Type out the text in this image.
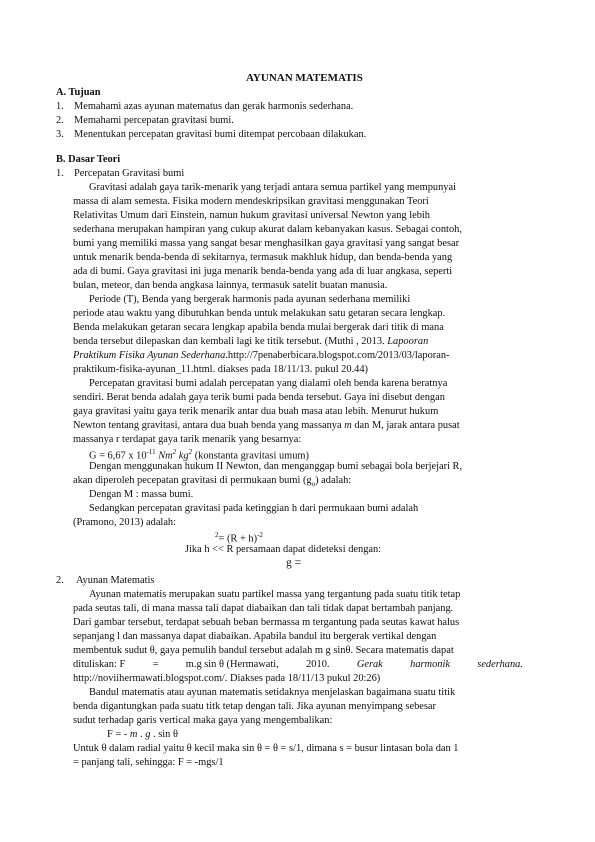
AYUNAN MATEMATIS
A. Tujuan
1. Memahami azas ayunan matematus dan gerak harmonis sederhana.
2. Memahami percepatan gravitasi bumi.
3. Menentukan percepatan gravitasi bumi ditempat percobaan dilakukan.
B. Dasar Teori
1. Percepatan Gravitasi bumi
Gravitasi adalah gaya tarik-menarik yang terjadi antara semua partikel yang mempunyai
massa di alam semesta. Fisika modern mendeskripsikan gravitasi menggunakan Teori
Relativitas Umum dari Einstein, namun hukum gravitasi universal Newton yang lebih
sederhana merupakan hampiran yang cukup akurat dalam kebanyakan kasus. Sebagai contoh,
bumi yang memiliki massa yang sangat besar menghasilkan gaya gravitasi yang sangat besar
untuk menarik benda-benda di sekitarnya, termasuk makhluk hidup, dan benda-benda yang
ada di bumi. Gaya gravitasi ini juga menarik benda-benda yang ada di luar angkasa, seperti
bulan, meteor, dan benda angkasa lainnya, termasuk satelit buatan manusia.
Periode (T), Benda yang bergerak harmonis pada ayunan sederhana memiliki
periode atau waktu yang dibutuhkan benda untuk melakukan satu getaran secara lengkap.
Benda melakukan getaran secara lengkap apabila benda mulai bergerak dari titik di mana
benda tersebut dilepaskan dan kembali lagi ke titik tersebut. (Muthi , 2013. Lapooran
Praktikum Fisika Ayunan Sederhana.http://7penaberbicara.blogspot.com/2013/03/laporan-
praktikum-fisika-ayunan_11.html. diakses pada 18/11/13. pukul 20.44)
Percepatan gravitasi bumi adalah percepatan yang dialami oleh benda karena beratnya
sendiri. Berat benda adalah gaya terik bumi pada benda tersebut. Gaya ini disebut dengan
gaya gravitasi yaitu gaya terik menarik antar dua buah masa atau lebih. Menurut hukum
Newton tentang gravitasi, antara dua buah benda yang massanya m dan M, jarak antara pusat
massanya r terdapat gaya tarik menarik yang besarnya:
G = 6,67 x $10^{-11}$ Nm$^2$ $kg^2$ (konstanta gravitasi umum)
Dengan menggunakan hukum II Newton, dan menganggap bumi sebagai bola berjejari R,
akan diperoleh pecepatan gravitasi di permukaan bumi $(g_o)$ adalah:
Dengan M : massa bumi.
Sedangkan percepatan gravitasi pada ketinggian h dari permukaan bumi adalah
(Pramono, 2013) adalah:
$^2= (R + h)^{-2}$
Jika h << R persamaan dapat dideteksi dengan:
g =
2. Ayunan Matematis
Ayunan matematis merupakan suatu partikel massa yang tergantung pada suatu titik tetap
pada seutas tali, di mana massa tali dapat diabaikan dan tali tidak dapat bertambah panjang.
Dari gambar tersebut, terdapat sebuah beban bermassa m tergantung pada seutas kawat halus
sepanjang l dan massanya dapat diabaikan. Apabila bandul itu bergerak vertikal dengan
membentuk sudut θ, gaya pemulih bandul tersebut adalah m g sinθ. Secara matematis dapat
dituliskan: F	=	m.g sin θ (Hermawati,	2010.	Gerak	harmonik	sederhana.
http://noviihermawati.blogspot.com/. Diakses pada 18/11/13 pukul 20:26)
Bandul matematis atau ayunan matematis setidaknya menjelaskan bagaimana suatu titik
benda digantungkan pada suatu titk tetap dengan tali. Jika ayunan menyimpang sebesar
sudut terhadap garis vertical maka gaya yang mengembalikan:
F = - m . g . sin θ
Untuk θ dalam radial yaitu θ kecil maka sin θ = θ = s/1, dimana s = busur lintasan bola dan 1
= panjang tali, sehingga: F = -mgs/1
